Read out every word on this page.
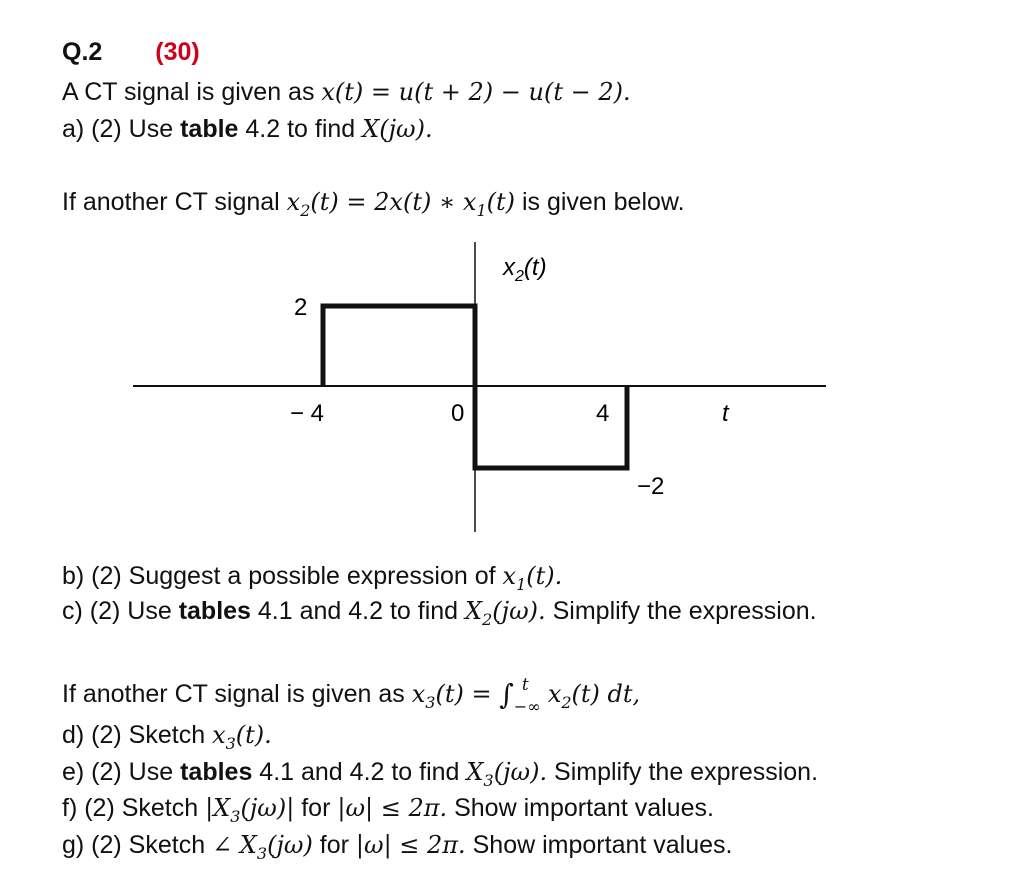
Q.2 (30)
A CT signal is given as x(t) = u(t + 2) − u(t − 2).
a) (2) Use table 4.2 to find X(jω).
If another CT signal $x_2(t) = 2x(t)$ ∗ $x_1(t)$ is given below.
$x_2(t)$
2
− 4	0	4	t
−2
b) (2) Suggest a possible expression of $x_1(t)$.
c) (2) Use tables 4.1 and 4.2 to find $X_2(j\omega)$. Simplify the expression.
If another CT signal is given as $x_3(t)$ = ∫ t
−∞ $x_2(t)$ dt,
d) (2) Sketch $x_3(t)$.
e) (2) Use tables 4.1 and 4.2 to find $X_3(j\omega)$. Simplify the expression.
f) (2) Sketch $|X_3(j\omega)|$ for |ω| ≤ 2π. Show important values.
g) (2) Sketch ∠ $X_3(j\omega)$ for |ω| ≤ 2π. Show important values.
